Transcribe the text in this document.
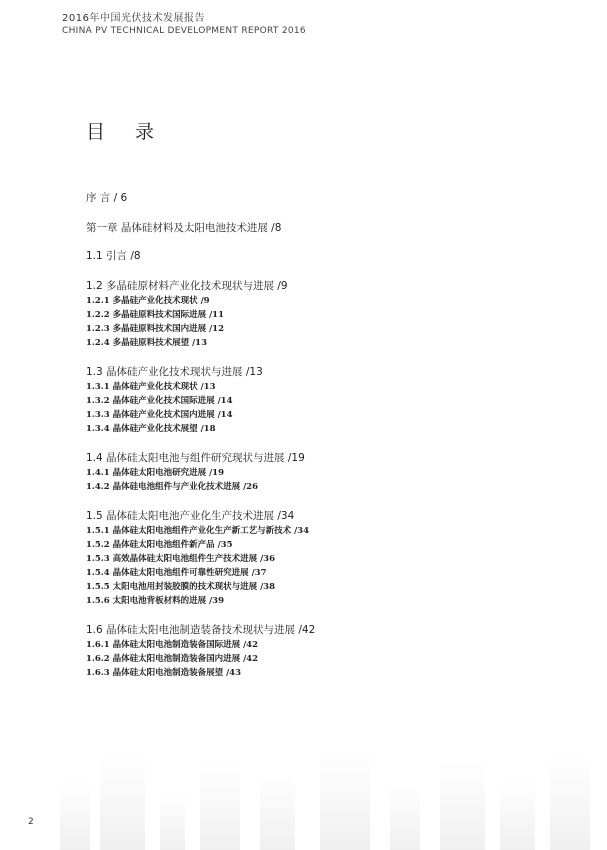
2016年中国光伏技术发展报告
CHINA PV TECHNICAL DEVELOPMENT REPORT 2016
目 录
序 言 / 6
第一章 晶体硅材料及太阳电池技术进展 /8
1.1 引言 /8
1.2 多晶硅原材料产业化技术现状与进展 /9
1.2.1 多晶硅产业化技术现状 /9
1.2.2 多晶硅原料技术国际进展 /11
1.2.3 多晶硅原料技术国内进展 /12
1.2.4 多晶硅原料技术展望 /13
1.3 晶体硅产业化技术现状与进展 /13
1.3.1 晶体硅产业化技术现状 /13
1.3.2 晶体硅产业化技术国际进展 /14
1.3.3 晶体硅产业化技术国内进展 /14
1.3.4 晶体硅产业化技术展望 /18
1.4 晶体硅太阳电池与组件研究现状与进展 /19
1.4.1 晶体硅太阳电池研究进展 /19
1.4.2 晶体硅电池组件与产业化技术进展 /26
1.5 晶体硅太阳电池产业化生产技术进展 /34
1.5.1 晶体硅太阳电池组件产业化生产新工艺与新技术 /34
1.5.2 晶体硅太阳电池组件新产品 /35
1.5.3 高效晶体硅太阳电池组件生产技术进展 /36
1.5.4 晶体硅太阳电池组件可靠性研究进展 /37
1.5.5 太阳电池用封装胶膜的技术现状与进展 /38
1.5.6 太阳电池背板材料的进展 /39
1.6 晶体硅太阳电池制造装备技术现状与进展 /42
1.6.1 晶体硅太阳电池制造装备国际进展 /42
1.6.2 晶体硅太阳电池制造装备国内进展 /42
1.6.3 晶体硅太阳电池制造装备展望 /43
2
